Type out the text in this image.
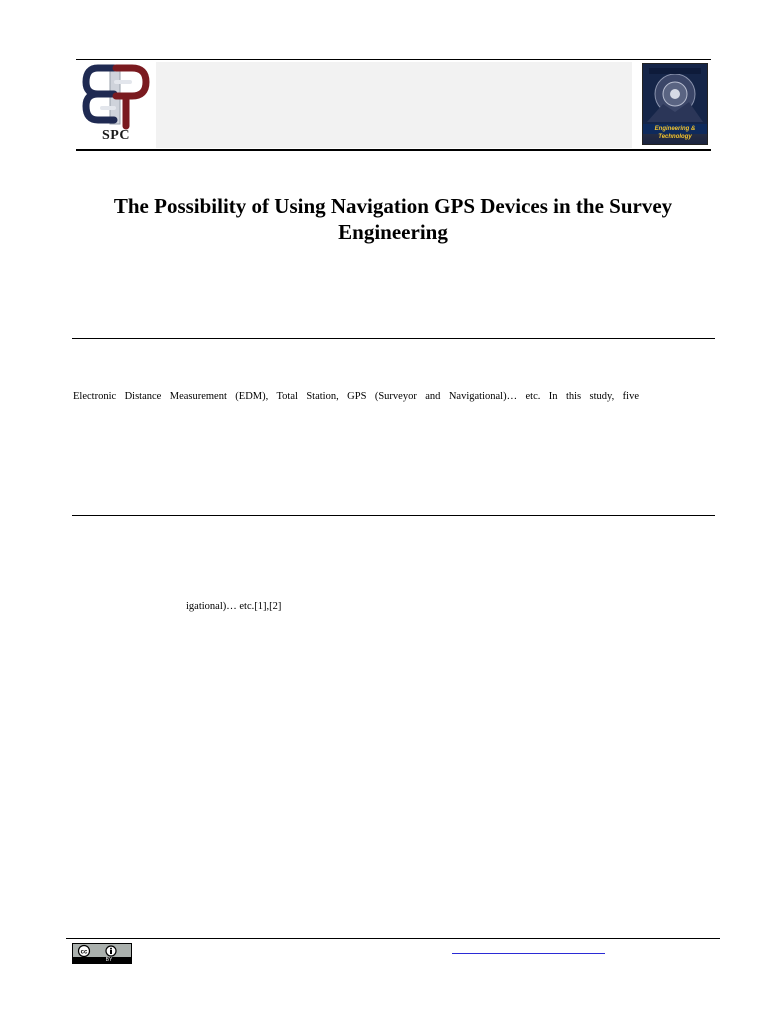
SPC	Engineering & Technology
The Possibility of Using Navigation GPS Devices in the Survey Engineering
Electronic Distance Measurement (EDM), Total Station, GPS (Surveyor and Navigational)… etc. In this study, five
igational)… etc.[1],[2]
cc
BY
